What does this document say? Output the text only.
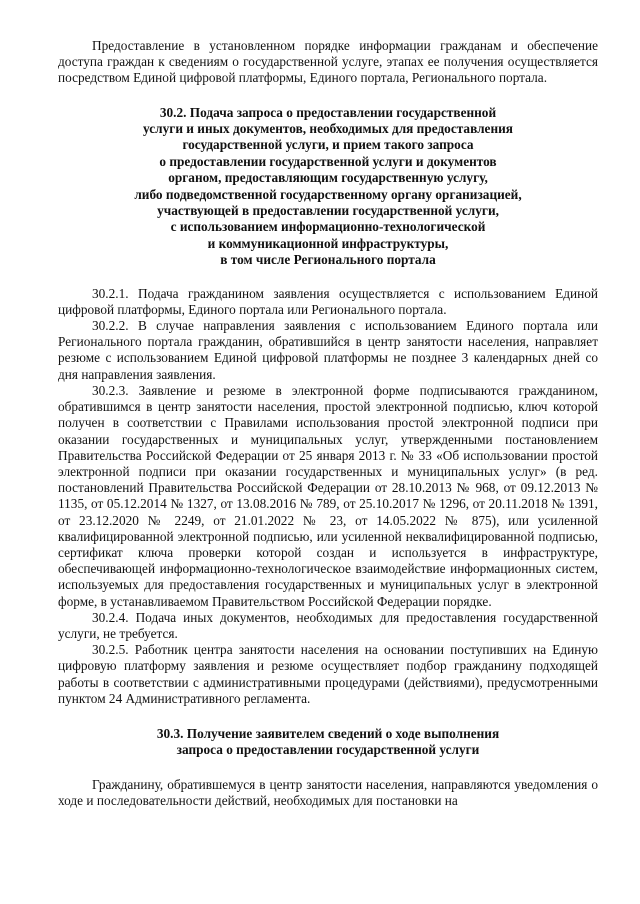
Предоставление в установленном порядке информации гражданам и обеспечение доступа граждан к сведениям о государственной услуге, этапах ее получения осуществляется посредством Единой цифровой платформы, Единого портала, Регионального портала.

30.2. Подача запроса о предоставлении государственной
услуги и иных документов, необходимых для предоставления
государственной услуги, и прием такого запроса
о предоставлении государственной услуги и документов
органом, предоставляющим государственную услугу,
либо подведомственной государственному органу организацией,
участвующей в предоставлении государственной услуги,
с использованием информационно-технологической
и коммуникационной инфраструктуры,
в том числе Регионального портала

30.2.1. Подача гражданином заявления осуществляется с использованием Единой цифровой платформы, Единого портала или Регионального портала.

30.2.2. В случае направления заявления с использованием Единого портала или Регионального портала гражданин, обратившийся в центр занятости населения, направляет резюме с использованием Единой цифровой платформы не позднее 3 календарных дней со дня направления заявления.

30.2.3. Заявление и резюме в электронной форме подписываются гражданином, обратившимся в центр занятости населения, простой электронной подписью, ключ которой получен в соответствии с Правилами использования простой электронной подписи при оказании государственных и муниципальных услуг, утвержденными постановлением Правительства Российской Федерации от 25 января 2013 г. № 33 «Об использовании простой электронной подписи при оказании государственных и муниципальных услуг» (в ред. постановлений Правительства Российской Федерации от 28.10.2013 № 968, от 09.12.2013 № 1135, от 05.12.2014 № 1327, от 13.08.2016 № 789, от 25.10.2017 № 1296, от 20.11.2018 № 1391, от 23.12.2020 № 2249, от 21.01.2022 № 23, от 14.05.2022 № 875), или усиленной квалифицированной электронной подписью, или усиленной неквалифицированной подписью, сертификат ключа проверки которой создан и используется в инфраструктуре, обеспечивающей информационно-технологическое взаимодействие информационных систем, используемых для предоставления государственных и муниципальных услуг в электронной форме, в устанавливаемом Правительством Российской Федерации порядке.

30.2.4. Подача иных документов, необходимых для предоставления государственной услуги, не требуется.

30.2.5. Работник центра занятости населения на основании поступивших на Единую цифровую платформу заявления и резюме осуществляет подбор гражданину подходящей работы в соответствии с административными процедурами (действиями), предусмотренными пунктом 24 Административного регламента.

30.3. Получение заявителем сведений о ходе выполнения
запроса о предоставлении государственной услуги

Гражданину, обратившемуся в центр занятости населения, направляются уведомления о ходе и последовательности действий, необходимых для постановки на
